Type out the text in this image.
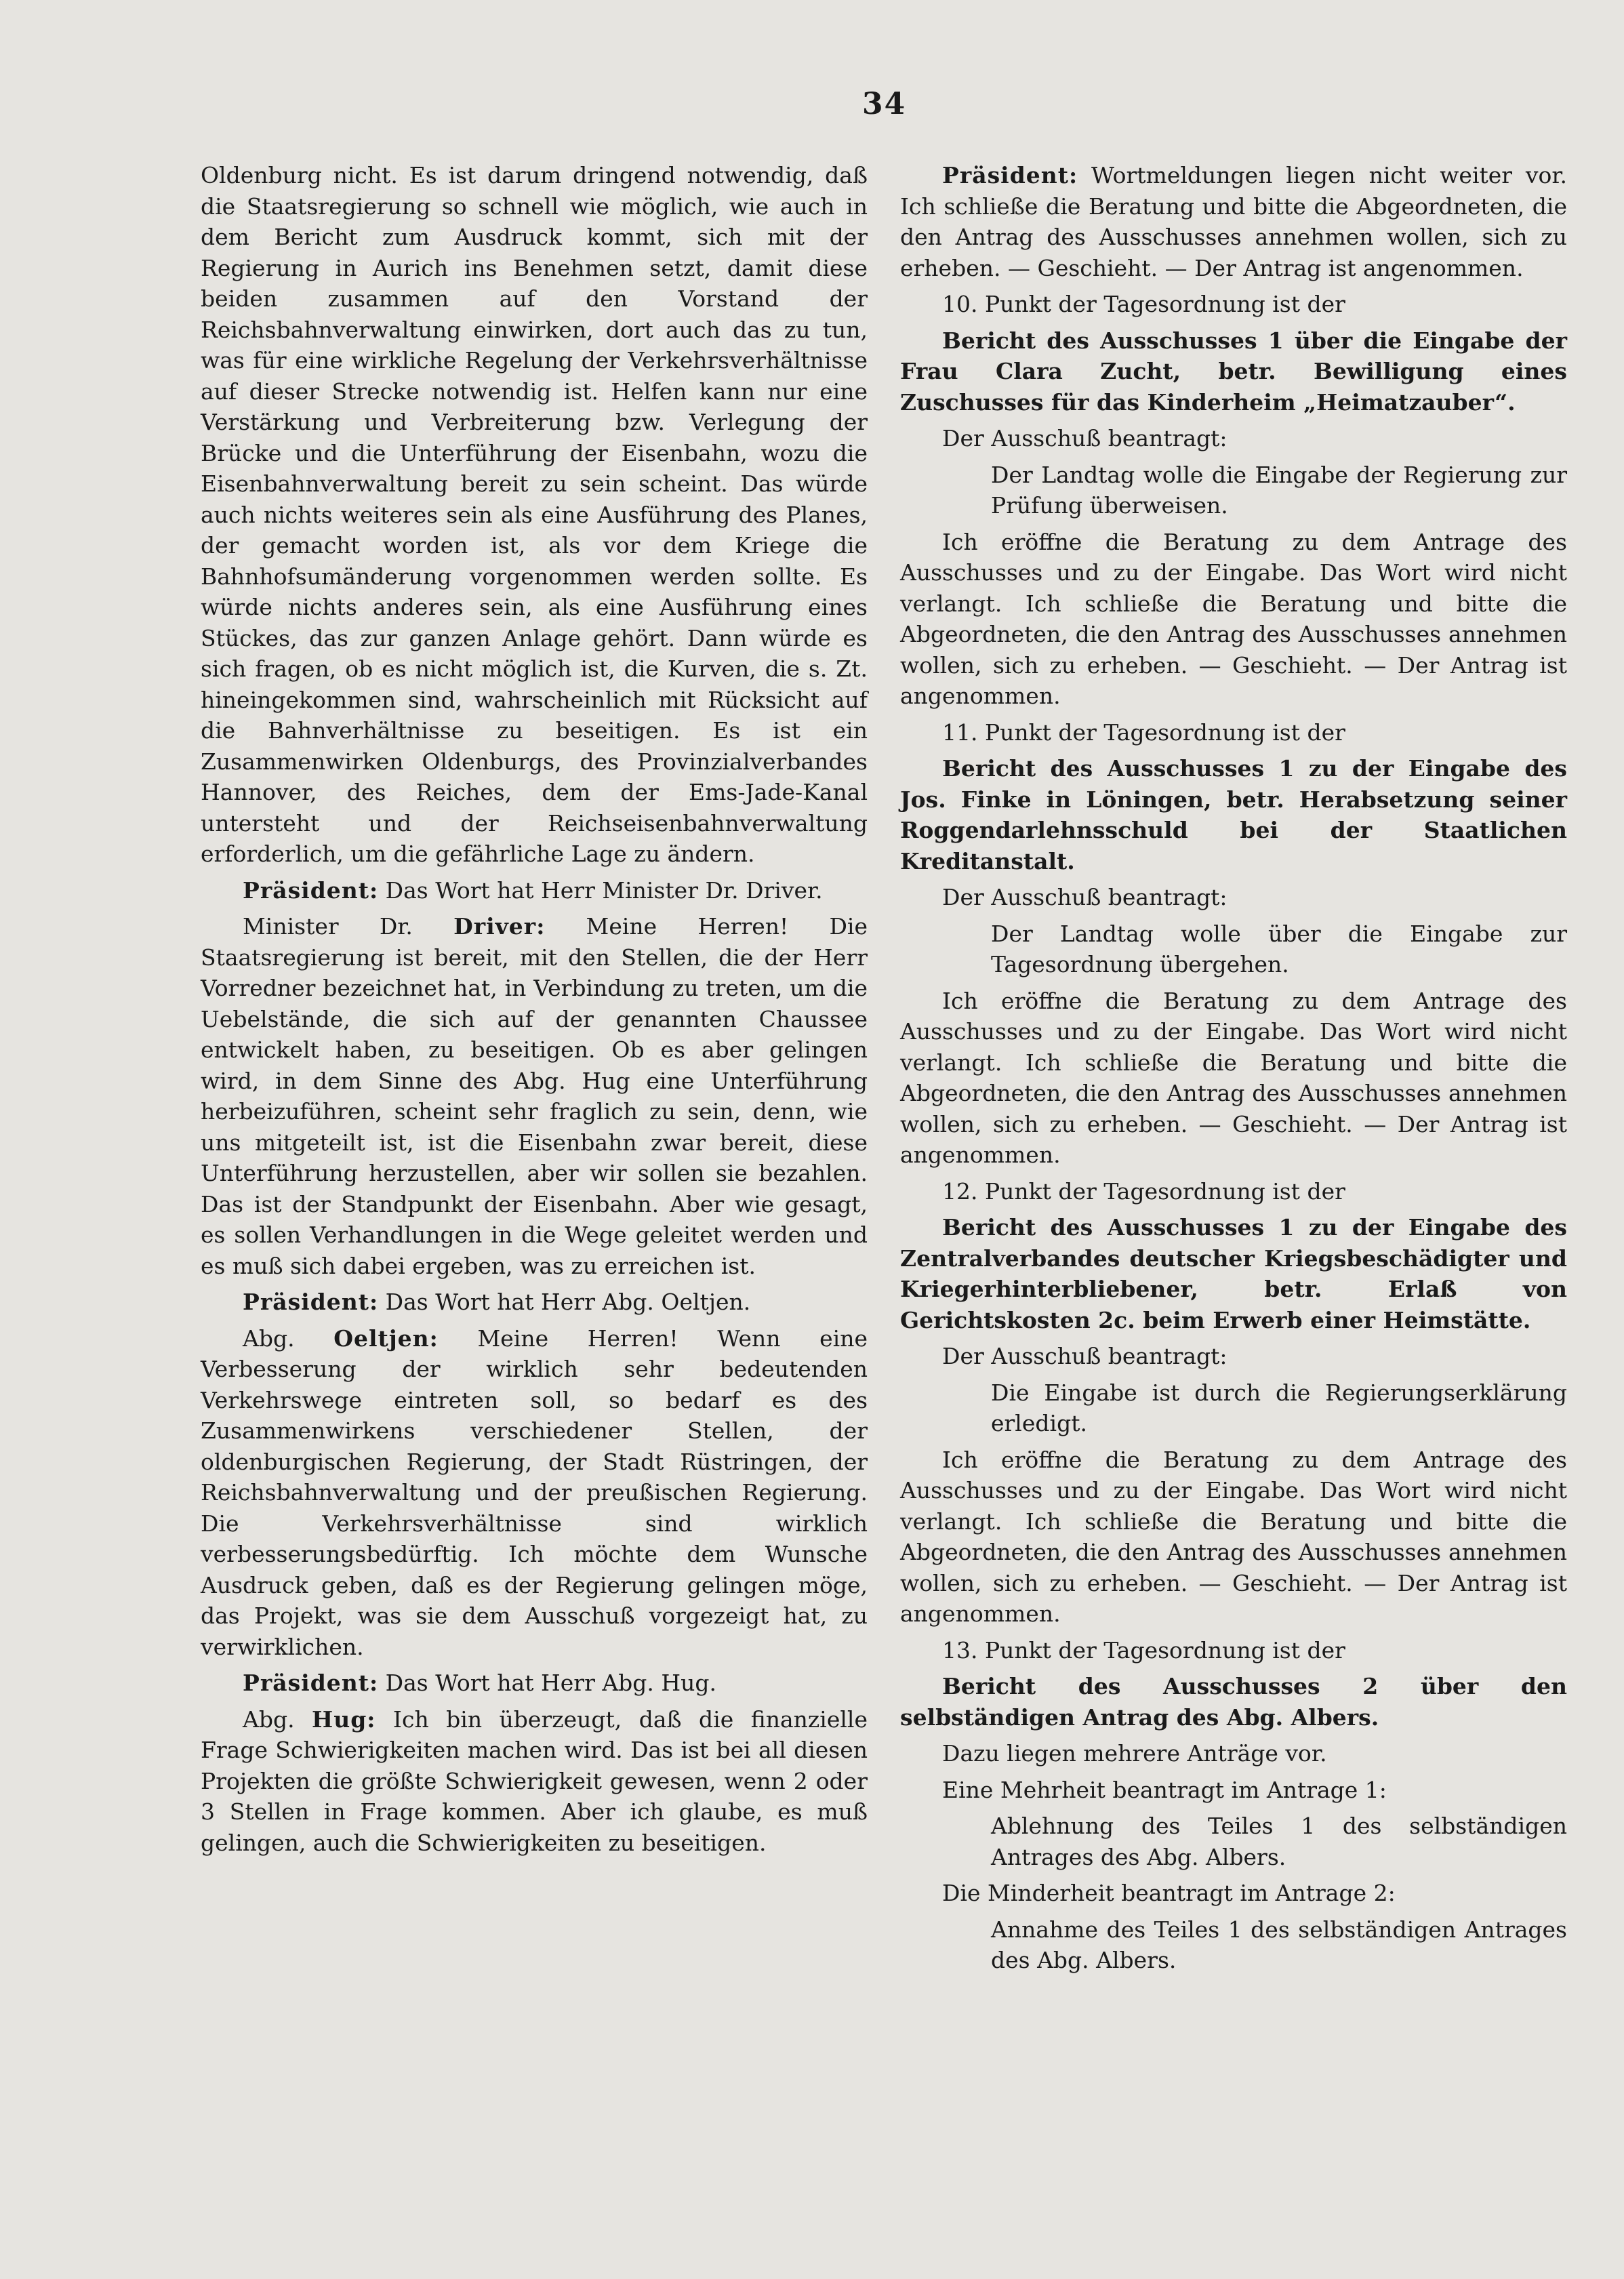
34

Oldenburg nicht. Es ist darum dringend notwendig, daß die Staatsregierung so schnell wie möglich, wie auch in dem Bericht zum Ausdruck kommt, sich mit der Regierung in Aurich ins Benehmen setzt, damit diese beiden zusammen auf den Vorstand der Reichsbahnverwaltung einwirken, dort auch das zu tun, was für eine wirkliche Regelung der Verkehrsverhältnisse auf dieser Strecke notwendig ist. Helfen kann nur eine Verstärkung und Verbreiterung bzw. Verlegung der Brücke und die Unterführung der Eisenbahn, wozu die Eisenbahnverwaltung bereit zu sein scheint. Das würde auch nichts weiteres sein als eine Ausführung des Planes, der gemacht worden ist, als vor dem Kriege die Bahnhofsumänderung vorgenommen werden sollte. Es würde nichts anderes sein, als eine Ausführung eines Stückes, das zur ganzen Anlage gehört. Dann würde es sich fragen, ob es nicht möglich ist, die Kurven, die s. Zt. hineingekommen sind, wahrscheinlich mit Rücksicht auf die Bahnverhältnisse zu beseitigen. Es ist ein Zusammenwirken Oldenburgs, des Provinzialverbandes Hannover, des Reiches, dem der Ems-Jade-Kanal untersteht und der Reichseisenbahnverwaltung erforderlich, um die gefährliche Lage zu ändern.

Präsident: Das Wort hat Herr Minister Dr. Driver.

Minister Dr. Driver: Meine Herren! Die Staatsregierung ist bereit, mit den Stellen, die der Herr Vorredner bezeichnet hat, in Verbindung zu treten, um die Uebelstände, die sich auf der genannten Chaussee entwickelt haben, zu beseitigen. Ob es aber gelingen wird, in dem Sinne des Abg. Hug eine Unterführung herbeizuführen, scheint sehr fraglich zu sein, denn, wie uns mitgeteilt ist, ist die Eisenbahn zwar bereit, diese Unterführung herzustellen, aber wir sollen sie bezahlen. Das ist der Standpunkt der Eisenbahn. Aber wie gesagt, es sollen Verhandlungen in die Wege geleitet werden und es muß sich dabei ergeben, was zu erreichen ist.

Präsident: Das Wort hat Herr Abg. Oeltjen.

Abg. Oeltjen: Meine Herren! Wenn eine Verbesserung der wirklich sehr bedeutenden Verkehrswege eintreten soll, so bedarf es des Zusammenwirkens verschiedener Stellen, der oldenburgischen Regierung, der Stadt Rüstringen, der Reichsbahnverwaltung und der preußischen Regierung. Die Verkehrsverhältnisse sind wirklich verbesserungsbedürftig. Ich möchte dem Wunsche Ausdruck geben, daß es der Regierung gelingen möge, das Projekt, was sie dem Ausschuß vorgezeigt hat, zu verwirklichen.

Präsident: Das Wort hat Herr Abg. Hug.

Abg. Hug: Ich bin überzeugt, daß die finanzielle Frage Schwierigkeiten machen wird. Das ist bei all diesen Projekten die größte Schwierigkeit gewesen, wenn 2 oder 3 Stellen in Frage kommen. Aber ich glaube, es muß gelingen, auch die Schwierigkeiten zu beseitigen.

Präsident: Wortmeldungen liegen nicht weiter vor. Ich schließe die Beratung und bitte die Abgeordneten, die den Antrag des Ausschusses annehmen wollen, sich zu erheben. — Geschieht. — Der Antrag ist angenommen.

10. Punkt der Tagesordnung ist der

Bericht des Ausschusses 1 über die Eingabe der Frau Clara Zucht, betr. Bewilligung eines Zuschusses für das Kinderheim „Heimatzauber“.

Der Ausschuß beantragt:

Der Landtag wolle die Eingabe der Regierung zur Prüfung überweisen.

Ich eröffne die Beratung zu dem Antrage des Ausschusses und zu der Eingabe. Das Wort wird nicht verlangt. Ich schließe die Beratung und bitte die Abgeordneten, die den Antrag des Ausschusses annehmen wollen, sich zu erheben. — Geschieht. — Der Antrag ist angenommen.

11. Punkt der Tagesordnung ist der

Bericht des Ausschusses 1 zu der Eingabe des Jos. Finke in Löningen, betr. Herabsetzung seiner Roggendarlehnsschuld bei der Staatlichen Kreditanstalt.

Der Ausschuß beantragt:

Der Landtag wolle über die Eingabe zur Tagesordnung übergehen.

Ich eröffne die Beratung zu dem Antrage des Ausschusses und zu der Eingabe. Das Wort wird nicht verlangt. Ich schließe die Beratung und bitte die Abgeordneten, die den Antrag des Ausschusses annehmen wollen, sich zu erheben. — Geschieht. — Der Antrag ist angenommen.

12. Punkt der Tagesordnung ist der

Bericht des Ausschusses 1 zu der Eingabe des Zentralverbandes deutscher Kriegsbeschädigter und Kriegerhinterbliebener, betr. Erlaß von Gerichtskosten 2c. beim Erwerb einer Heimstätte.

Der Ausschuß beantragt:

Die Eingabe ist durch die Regierungserklärung erledigt.

Ich eröffne die Beratung zu dem Antrage des Ausschusses und zu der Eingabe. Das Wort wird nicht verlangt. Ich schließe die Beratung und bitte die Abgeordneten, die den Antrag des Ausschusses annehmen wollen, sich zu erheben. — Geschieht. — Der Antrag ist angenommen.

13. Punkt der Tagesordnung ist der

Bericht des Ausschusses 2 über den selbständigen Antrag des Abg. Albers.

Dazu liegen mehrere Anträge vor.

Eine Mehrheit beantragt im Antrage 1:

Ablehnung des Teiles 1 des selbständigen Antrages des Abg. Albers.

Die Minderheit beantragt im Antrage 2:

Annahme des Teiles 1 des selbständigen Antrages des Abg. Albers.
